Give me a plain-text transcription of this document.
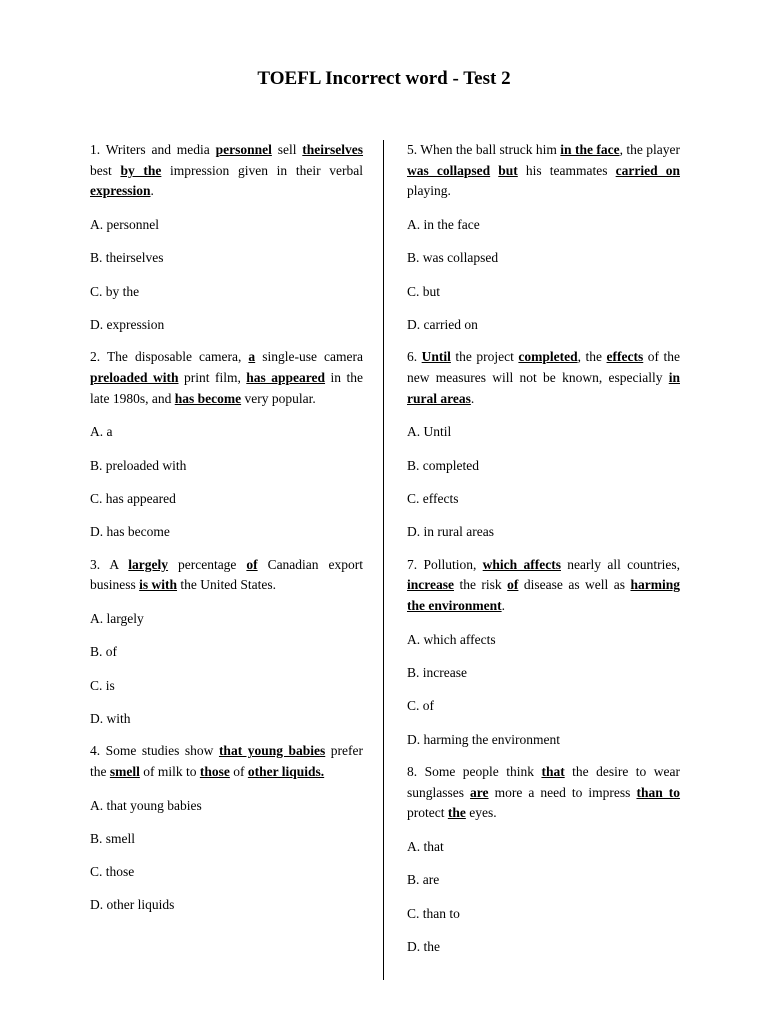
TOEFL Incorrect word - Test 2

1. Writers and media personnel sell theirselves best by the impression given in their verbal expression.

A. personnel
B. theirselves
C. by the
D. expression

2. The disposable camera, a single-use camera preloaded with print film, has appeared in the late 1980s, and has become very popular.

A. a
B. preloaded with
C. has appeared
D. has become

3. A largely percentage of Canadian export business is with the United States.

A. largely
B. of
C. is
D. with

4. Some studies show that young babies prefer the smell of milk to those of other liquids.

A. that young babies
B. smell
C. those
D. other liquids

5. When the ball struck him in the face, the player was collapsed but his teammates carried on playing.

A. in the face
B. was collapsed
C. but
D. carried on

6. Until the project completed, the effects of the new measures will not be known, especially in rural areas.

A. Until
B. completed
C. effects
D. in rural areas

7. Pollution, which affects nearly all countries, increase the risk of disease as well as harming the environment.

A. which affects
B. increase
C. of
D. harming the environment

8. Some people think that the desire to wear sunglasses are more a need to impress than to protect the eyes.

A. that
B. are
C. than to
D. the
